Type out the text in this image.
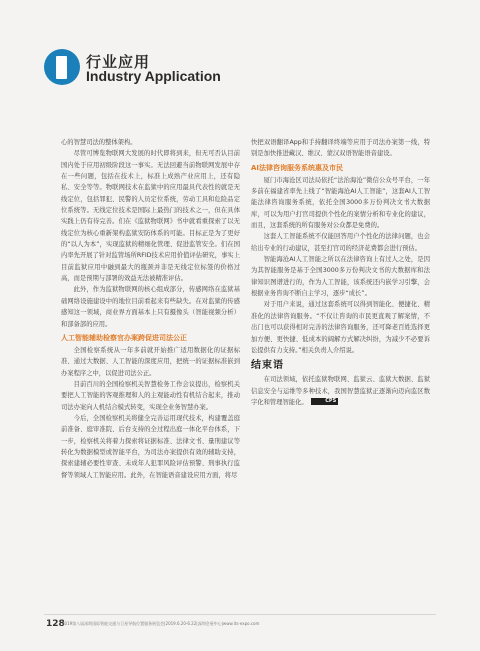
行业应用
Industry Application

心的智慧司法的整体架构。

尽管可博览物联网大发展的时代即将到来，但无可否认目前国内处于应用初级阶段这一事实。无法回避当前物联网发展中存在一些问题，包括在技术上，标准上成熟产业应用上，还有隐私、安全等等。物联网技术在监狱中的应用最具代表性的就是无线定位，包括罪犯、民警的人员定位系统，劳动工具和危险品定位系统等。无线定位技术是国际上最热门的技术之一，但在具体实践上仍有待完善。们在《监狱物联网》书中就看重探索了以无线定位为核心重新架构监狱安防体系的可能。目标正是为了更好的“以人为本”，实现监狱的精细化管理、促进监管安全。们在国内率先开展了针对监管场所RFID技术应用价值评估研究，事实上目前监狱应用中融到最大的瓶颈并非是无线定位标签的价格过高，而是预期与部署的效益无法被精准评估。

此外，作为监狱物联网的核心组成部分，传感网络在监狱基础网络设施建设中的地位目前看起来有些缺失。在对监狱的传感感知这一领域，商业界方面基本上只有摄像头（智能视频分析）和部备部的应用。

人工智能辅助检察官办案跨促进司法公正

全国检察系统从一年多前就开始推广适用数据化的证据标准、通过大数据、人工智能的深度应用，把统一的证据标准嵌到办案程序之中，以促进司法公正。

目前百川的全国检察机关智慧检务工作会议提出，检察机关要把人工智能的客观推理和人的主观能动性有机结合起来，推动司法办案向人机结合模式转变，实现全业务智慧办案。

今后，全国检察机关将健全完善运用现代技术，构建覆盖庭前准备、庭审准院、后台支持的全过程出庭一体化平台体系，下一步，检察机关将着力探索将证据标准、法律文书、量刑建议等转化为数据模型或智能平台，为司法办案提供有效的辅助支持，探索建辅必要性审查、未成年人犯罪风险评估预警、刑事执行监督等领域人工智能应用。此外，在智能语音建设应用方面，将尽

快把双语翻译App和手持翻译终端等应用于司法办案第一线，特别是加快推进藏汉、维汉、蒙汉双语智能语音建设。

AI法律咨询服务系统惠及市民

厦门市海沧区司法局依托“法治海沧”微信公众号平台，一年多前在福建省率先上线了“智能海沧AI人工智能”，这套AI人工智能法律咨询服务系统，依托全国3000多万份判决文书大数据库，可以为用户打官司提供个性化的案情分析和专业化的建议，而且，这套系统的所有服务对公众都是免费的。

这套人工智能系统不仅能回答用户个性化的法律问题，也会给出专业的行动建议，甚至打官司的经济花费都会进行预估。

智能海沧AI人工智能之所以在法律咨询上有过人之处，是因为其智能服务是基于全国3000多万份判决文书的大数据库和法律知识图谱进行的，作为人工智能，该系统还内嵌学习引擎，会根据业务咨询不断自主学习，逐步“成长”。

对于用户来说，通过这套系统可以得到智能化、便捷化、精准化的法律咨询服务。“不仅让咨询的市民更直观了解案情，不出门也可以获得相对完善的法律咨询服务，还可降老百姓选择更加方便、更快捷、低成本的阔解方式解决纠纷，为减少不必要诉讼提供有力支持。”相关负责人介绍说。

结束语

在司法领域，依托监狱物联网、监狱云、监狱大数据、监狱信息安全与运维等多种技术，我国智慧监狱正逐渐向迈向监区数字化和管理智能化。	CPS

128
2019第八届深圳国际智能交通与卫星导航位置服务展览会|2019.6.20-6.22|深圳会展中心|www.its-expo.com
